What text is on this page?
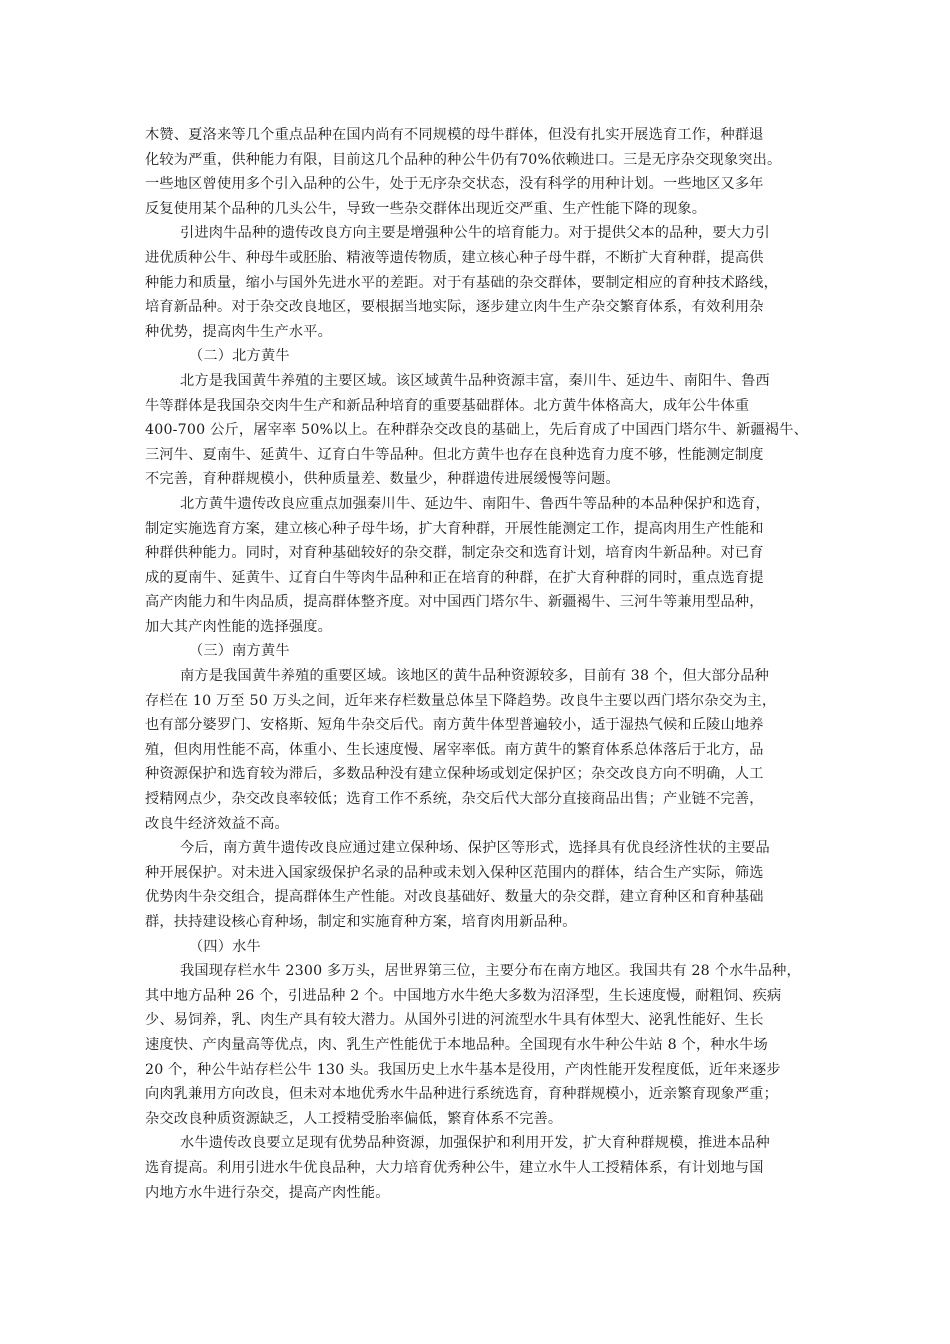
木赞、夏洛来等几个重点品种在国内尚有不同规模的母牛群体，但没有扎实开展选育工作，种群退
化较为严重，供种能力有限，目前这几个品种的种公牛仍有70%依赖进口。三是无序杂交现象突出。
一些地区曾使用多个引入品种的公牛，处于无序杂交状态，没有科学的用种计划。一些地区又多年
反复使用某个品种的几头公牛，导致一些杂交群体出现近交严重、生产性能下降的现象。
引进肉牛品种的遗传改良方向主要是增强种公牛的培育能力。对于提供父本的品种，要大力引
进优质种公牛、种母牛或胚胎、精液等遗传物质，建立核心种子母牛群，不断扩大育种群，提高供
种能力和质量，缩小与国外先进水平的差距。对于有基础的杂交群体，要制定相应的育种技术路线，
培育新品种。对于杂交改良地区，要根据当地实际，逐步建立肉牛生产杂交繁育体系，有效利用杂
种优势，提高肉牛生产水平。
（二）北方黄牛
北方是我国黄牛养殖的主要区域。该区域黄牛品种资源丰富，秦川牛、延边牛、南阳牛、鲁西
牛等群体是我国杂交肉牛生产和新品种培育的重要基础群体。北方黄牛体格高大，成年公牛体重
400-700 公斤，屠宰率 50%以上。在种群杂交改良的基础上，先后育成了中国西门塔尔牛、新疆褐牛、
三河牛、夏南牛、延黄牛、辽育白牛等品种。但北方黄牛也存在良种选育力度不够，性能测定制度
不完善，育种群规模小，供种质量差、数量少，种群遗传进展缓慢等问题。
北方黄牛遗传改良应重点加强秦川牛、延边牛、南阳牛、鲁西牛等品种的本品种保护和选育，
制定实施选育方案，建立核心种子母牛场，扩大育种群，开展性能测定工作，提高肉用生产性能和
种群供种能力。同时，对育种基础较好的杂交群，制定杂交和选育计划，培育肉牛新品种。对已育
成的夏南牛、延黄牛、辽育白牛等肉牛品种和正在培育的种群，在扩大育种群的同时，重点选育提
高产肉能力和牛肉品质，提高群体整齐度。对中国西门塔尔牛、新疆褐牛、三河牛等兼用型品种，
加大其产肉性能的选择强度。
（三）南方黄牛
南方是我国黄牛养殖的重要区域。该地区的黄牛品种资源较多，目前有 38 个，但大部分品种
存栏在 10 万至 50 万头之间，近年来存栏数量总体呈下降趋势。改良牛主要以西门塔尔杂交为主，
也有部分婆罗门、安格斯、短角牛杂交后代。南方黄牛体型普遍较小，适于湿热气候和丘陵山地养
殖，但肉用性能不高，体重小、生长速度慢、屠宰率低。南方黄牛的繁育体系总体落后于北方，品
种资源保护和选育较为滞后，多数品种没有建立保种场或划定保护区；杂交改良方向不明确，人工
授精网点少，杂交改良率较低；选育工作不系统，杂交后代大部分直接商品出售；产业链不完善，
改良牛经济效益不高。
今后，南方黄牛遗传改良应通过建立保种场、保护区等形式，选择具有优良经济性状的主要品
种开展保护。对未进入国家级保护名录的品种或未划入保种区范围内的群体，结合生产实际，筛选
优势肉牛杂交组合，提高群体生产性能。对改良基础好、数量大的杂交群，建立育种区和育种基础
群，扶持建设核心育种场，制定和实施育种方案，培育肉用新品种。
（四）水牛
我国现存栏水牛 2300 多万头，居世界第三位，主要分布在南方地区。我国共有 28 个水牛品种，
其中地方品种 26 个，引进品种 2 个。中国地方水牛绝大多数为沼泽型，生长速度慢，耐粗饲、疾病
少、易饲养，乳、肉生产具有较大潜力。从国外引进的河流型水牛具有体型大、泌乳性能好、生长
速度快、产肉量高等优点，肉、乳生产性能优于本地品种。全国现有水牛种公牛站 8 个，种水牛场
20 个，种公牛站存栏公牛 130 头。我国历史上水牛基本是役用，产肉性能开发程度低，近年来逐步
向肉乳兼用方向改良，但未对本地优秀水牛品种进行系统选育，育种群规模小，近亲繁育现象严重；
杂交改良种质资源缺乏，人工授精受胎率偏低，繁育体系不完善。
水牛遗传改良要立足现有优势品种资源，加强保护和利用开发，扩大育种群规模，推进本品种
选育提高。利用引进水牛优良品种，大力培育优秀种公牛，建立水牛人工授精体系，有计划地与国
内地方水牛进行杂交，提高产肉性能。
